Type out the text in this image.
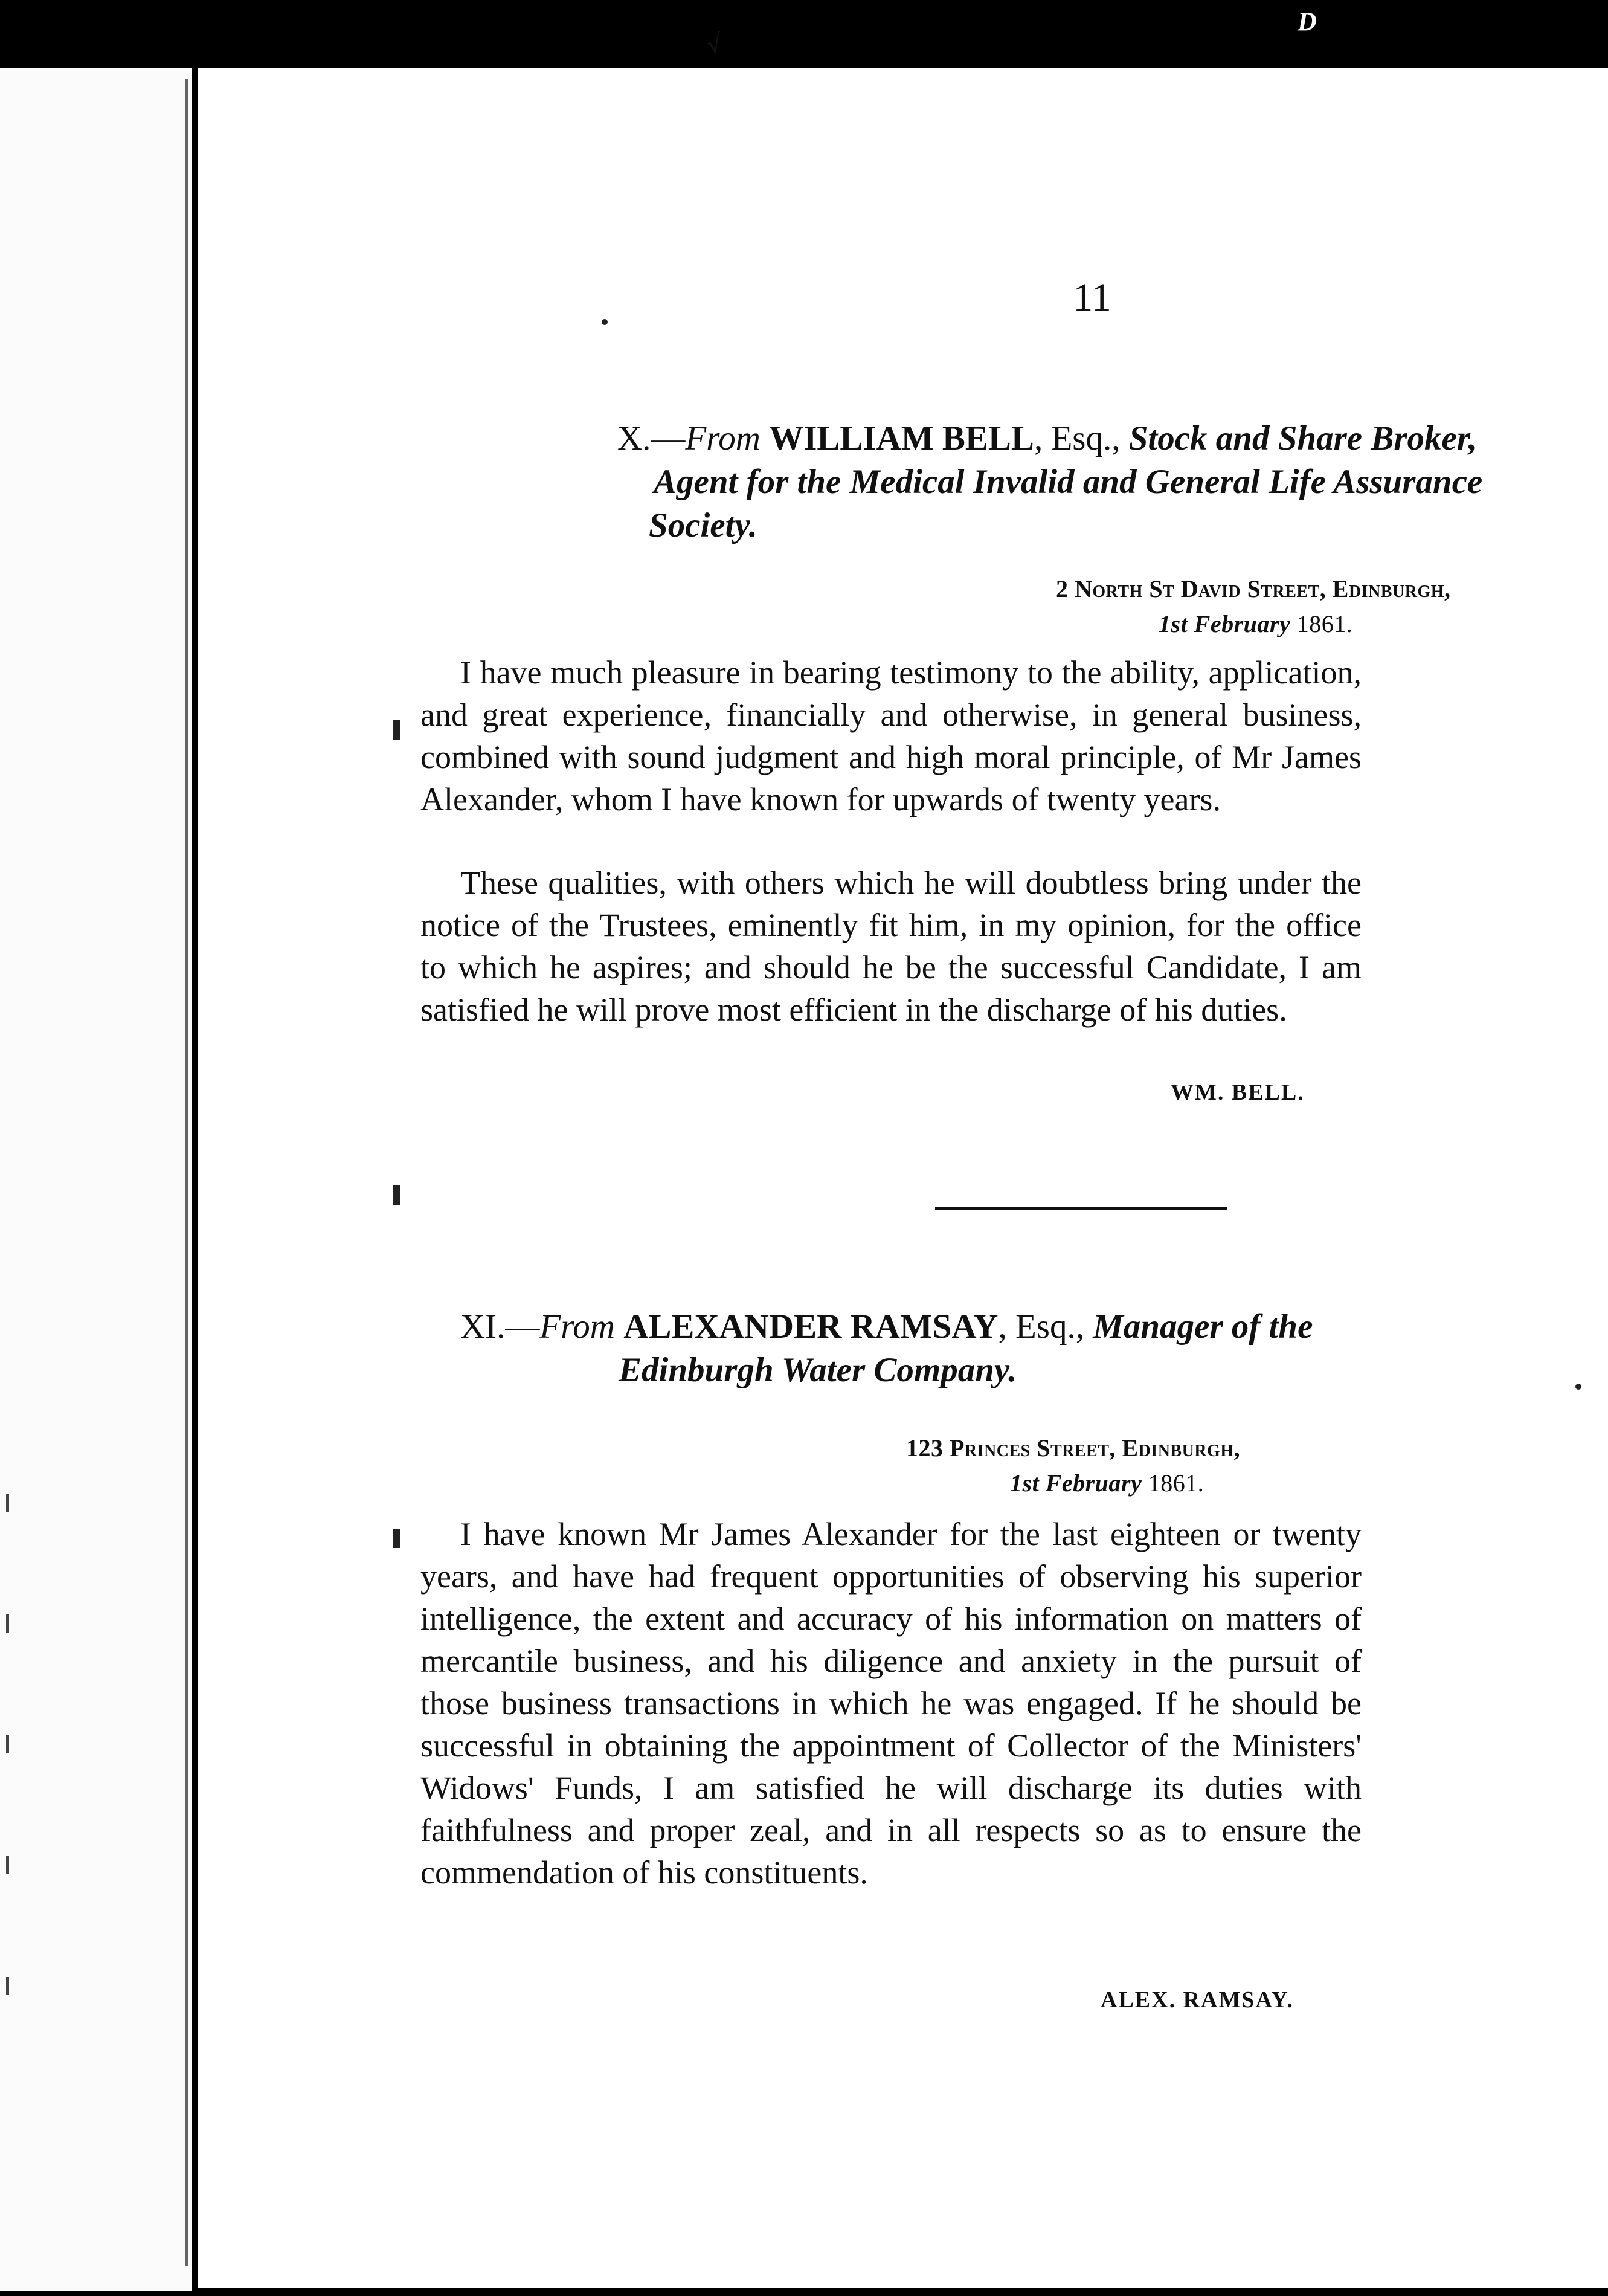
11
X.—From WILLIAM BELL, Esq., Stock and Share Broker,
Agent for the Medical Invalid and General Life Assurance
Society.
2 North St David Street, Edinburgh,
1st February 1861.
I have much pleasure in bearing testimony to the ability, application, and great experience, financially and otherwise, in general business, combined with sound judgment and high moral principle, of Mr James Alexander, whom I have known for upwards of twenty years.
These qualities, with others which he will doubtless bring under the notice of the Trustees, eminently fit him, in my opinion, for the office to which he aspires; and should he be the successful Candidate, I am satisfied he will prove most efficient in the discharge of his duties.
WM. BELL.
XI.—From ALEXANDER RAMSAY, Esq., Manager of the
Edinburgh Water Company.
123 Princes Street, Edinburgh,
1st February 1861.
I have known Mr James Alexander for the last eighteen or twenty years, and have had frequent opportunities of observing his superior intelligence, the extent and accuracy of his information on matters of mercantile business, and his diligence and anxiety in the pursuit of those business transactions in which he was engaged. If he should be successful in obtaining the appointment of Collector of the Ministers' Widows' Funds, I am satisfied he will discharge its duties with faithfulness and proper zeal, and in all respects so as to ensure the commendation of his constituents.
ALEX. RAMSAY.
√
D
